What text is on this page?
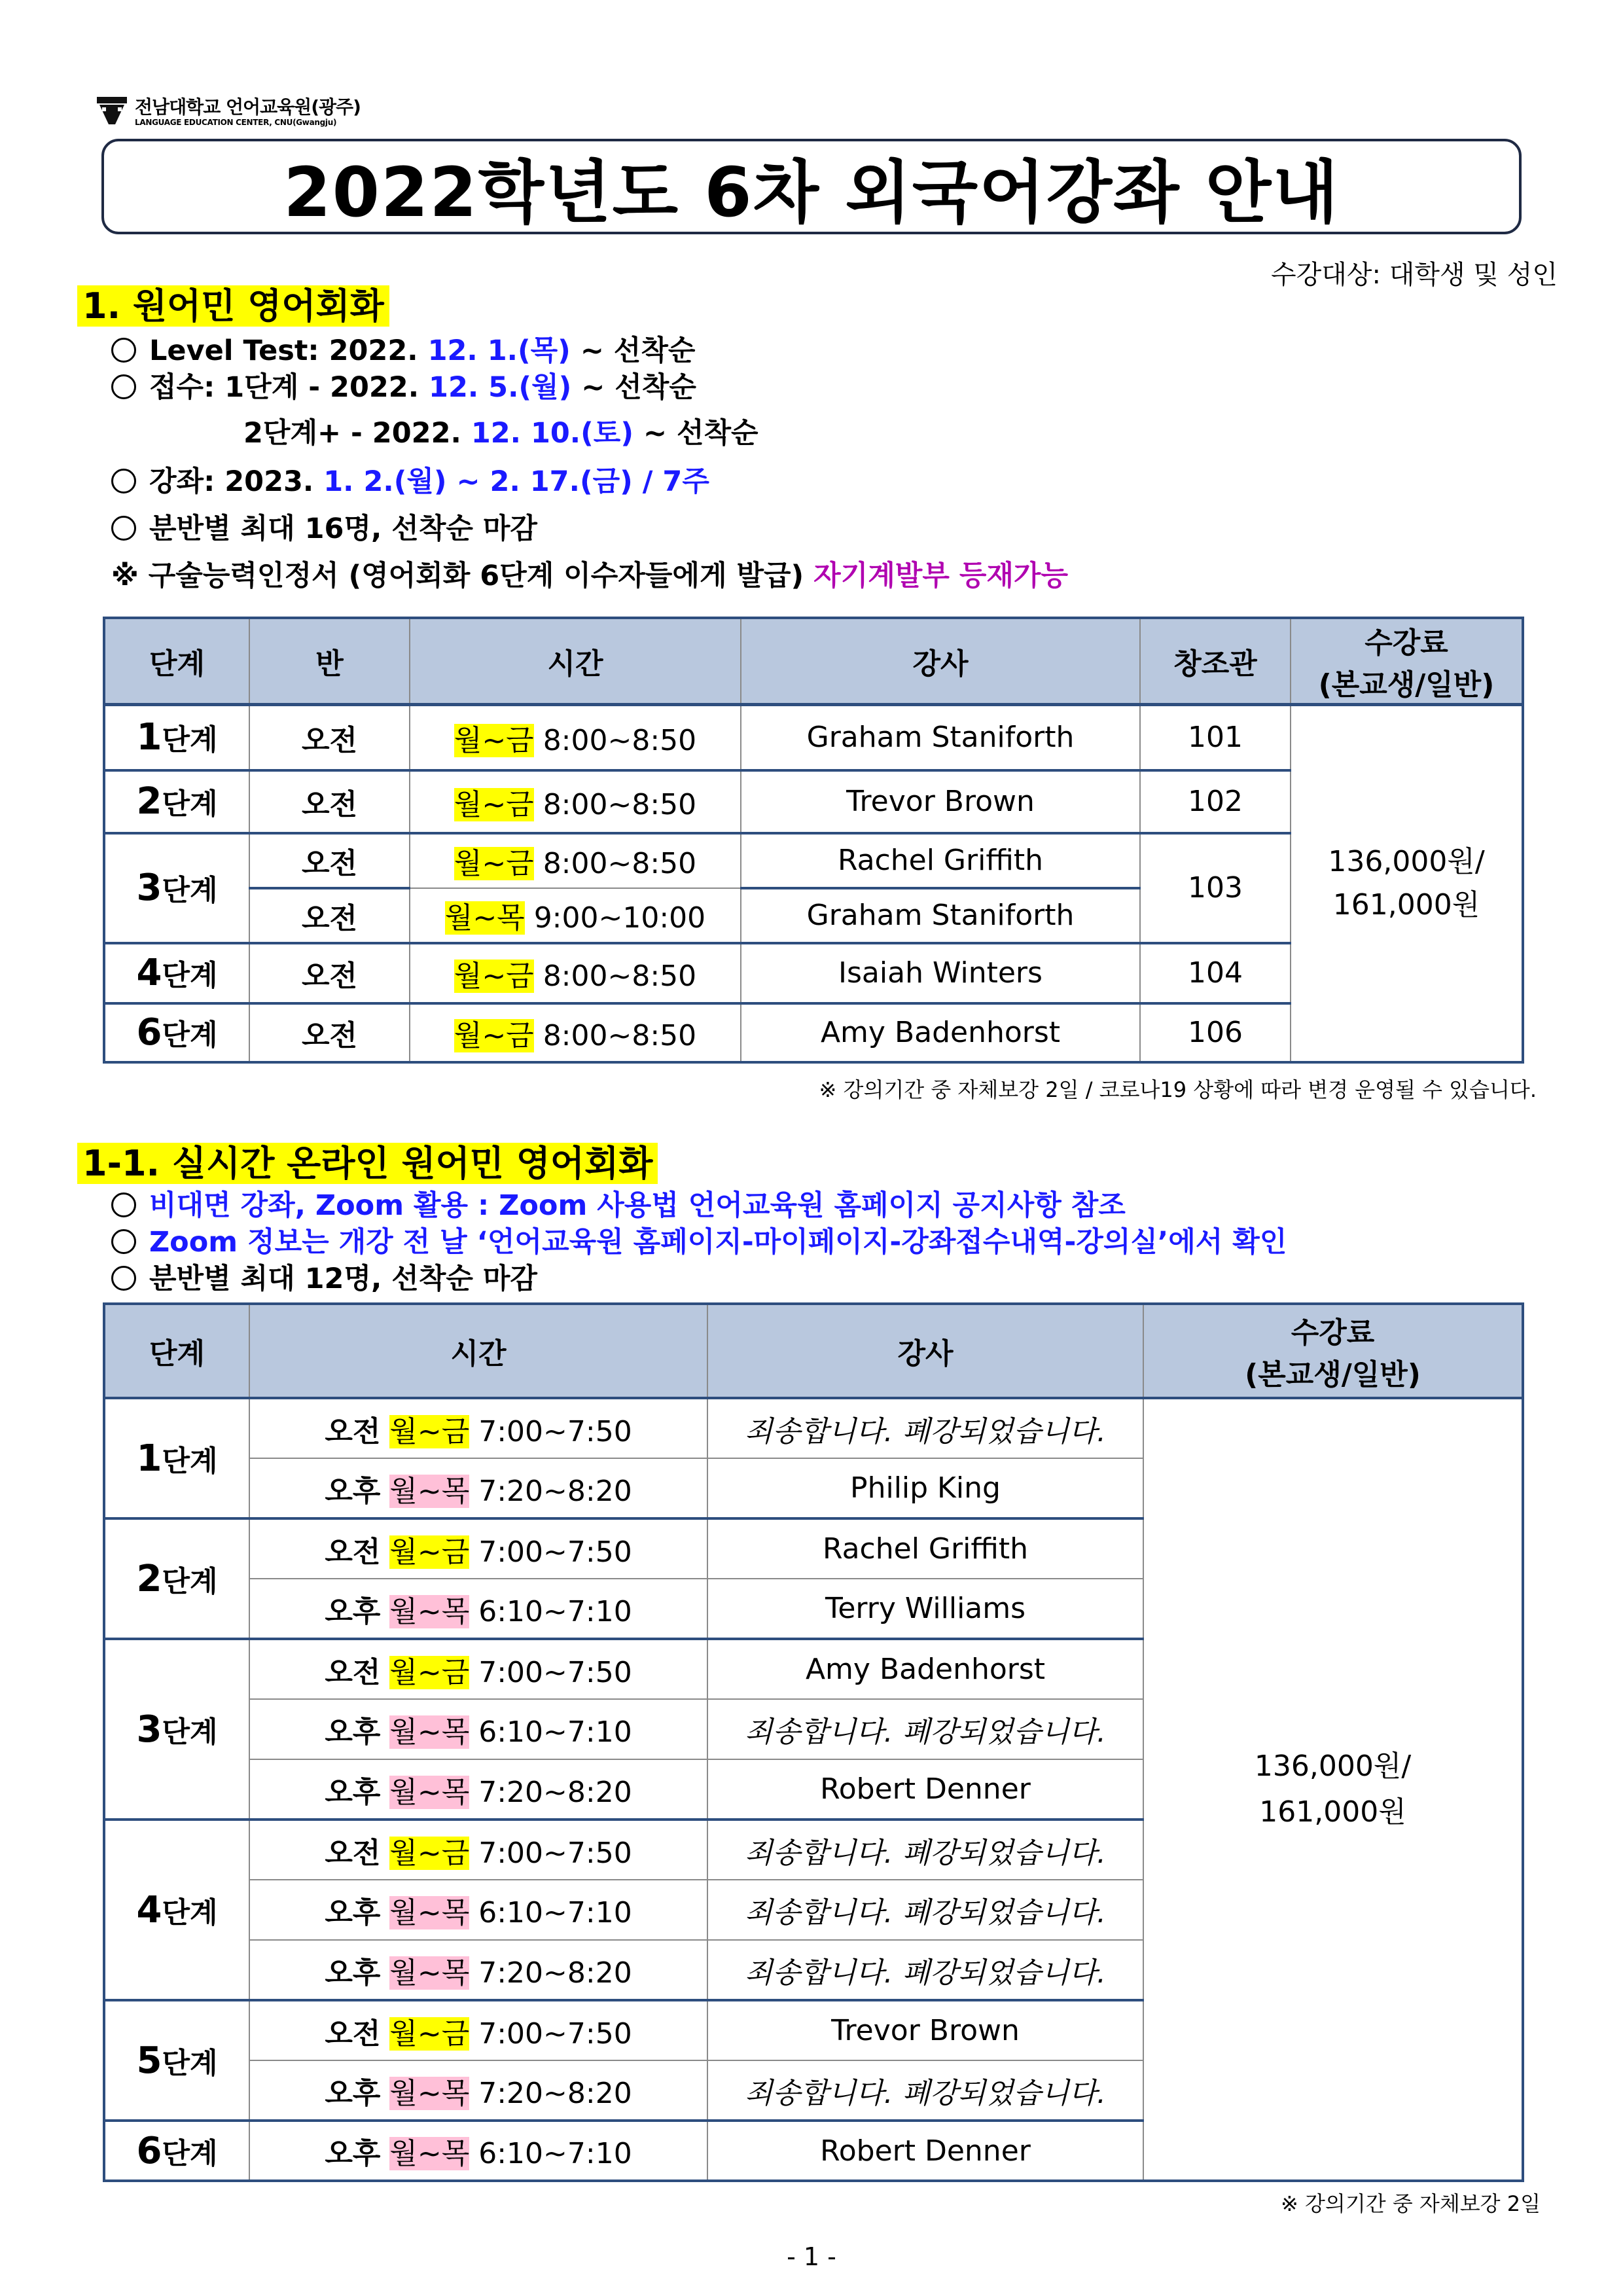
전남대학교 언어교육원(광주)
LANGUAGE EDUCATION CENTER, CNU(Gwangju)
2022학년도 6차 외국어강좌 안내
수강대상: 대학생 및 성인
1. 원어민 영어회화
Level Test: 2022. 12. 1.(목) ~ 선착순
접수: 1단계 - 2022. 12. 5.(월) ~ 선착순
2단계+ - 2022. 12. 10.(토) ~ 선착순
강좌: 2023. 1. 2.(월) ~ 2. 17.(금) / 7주
분반별 최대 16명, 선착순 마감
※ 구술능력인정서 (영어회화 6단계 이수자들에게 발급) 자기계발부 등재가능
단계	반	시간	강사	창조관	수강료
(본교생/일반)

1단계	오전	월~금 8:00~8:50	Graham Staniforth	101	136,000원/
161,000원

2단계	오전	월~금 8:00~8:50	Trevor Brown	102	
3단계	오전	월~금 8:00~8:50	Rachel Griffith	103	
	오전	월~목 9:00~10:00	Graham Staniforth		
4단계	오전	월~금 8:00~8:50	Isaiah Winters	104	
6단계	오전	월~금 8:00~8:50	Amy Badenhorst	106	
※ 강의기간 중 자체보강 2일 / 코로나19 상황에 따라 변경 운영될 수 있습니다.
1-1. 실시간 온라인 원어민 영어회화
비대면 강좌, Zoom 활용 : Zoom 사용법 언어교육원 홈페이지 공지사항 참조
Zoom 정보는 개강 전 날 ‘언어교육원 홈페이지-마이페이지-강좌접수내역-강의실’에서 확인
분반별 최대 12명, 선착순 마감
단계	시간	강사	수강료
(본교생/일반)

1단계	오전 월~금 7:00~7:50	죄송합니다. 폐강되었습니다.	136,000원/
161,000원

	오후 월~목 7:20~8:20	Philip King	
2단계	오전 월~금 7:00~7:50	Rachel Griffith	
	오후 월~목 6:10~7:10	Terry Williams	
3단계	오전 월~금 7:00~7:50	Amy Badenhorst	
	오후 월~목 6:10~7:10	죄송합니다. 폐강되었습니다.	
	오후 월~목 7:20~8:20	Robert Denner	
4단계	오전 월~금 7:00~7:50	죄송합니다. 폐강되었습니다.	
	오후 월~목 6:10~7:10	죄송합니다. 폐강되었습니다.	
	오후 월~목 7:20~8:20	죄송합니다. 폐강되었습니다.	
5단계	오전 월~금 7:00~7:50	Trevor Brown	
	오후 월~목 7:20~8:20	죄송합니다. 폐강되었습니다.	
6단계	오후 월~목 6:10~7:10	Robert Denner	
※ 강의기간 중 자체보강 2일
- 1 -
